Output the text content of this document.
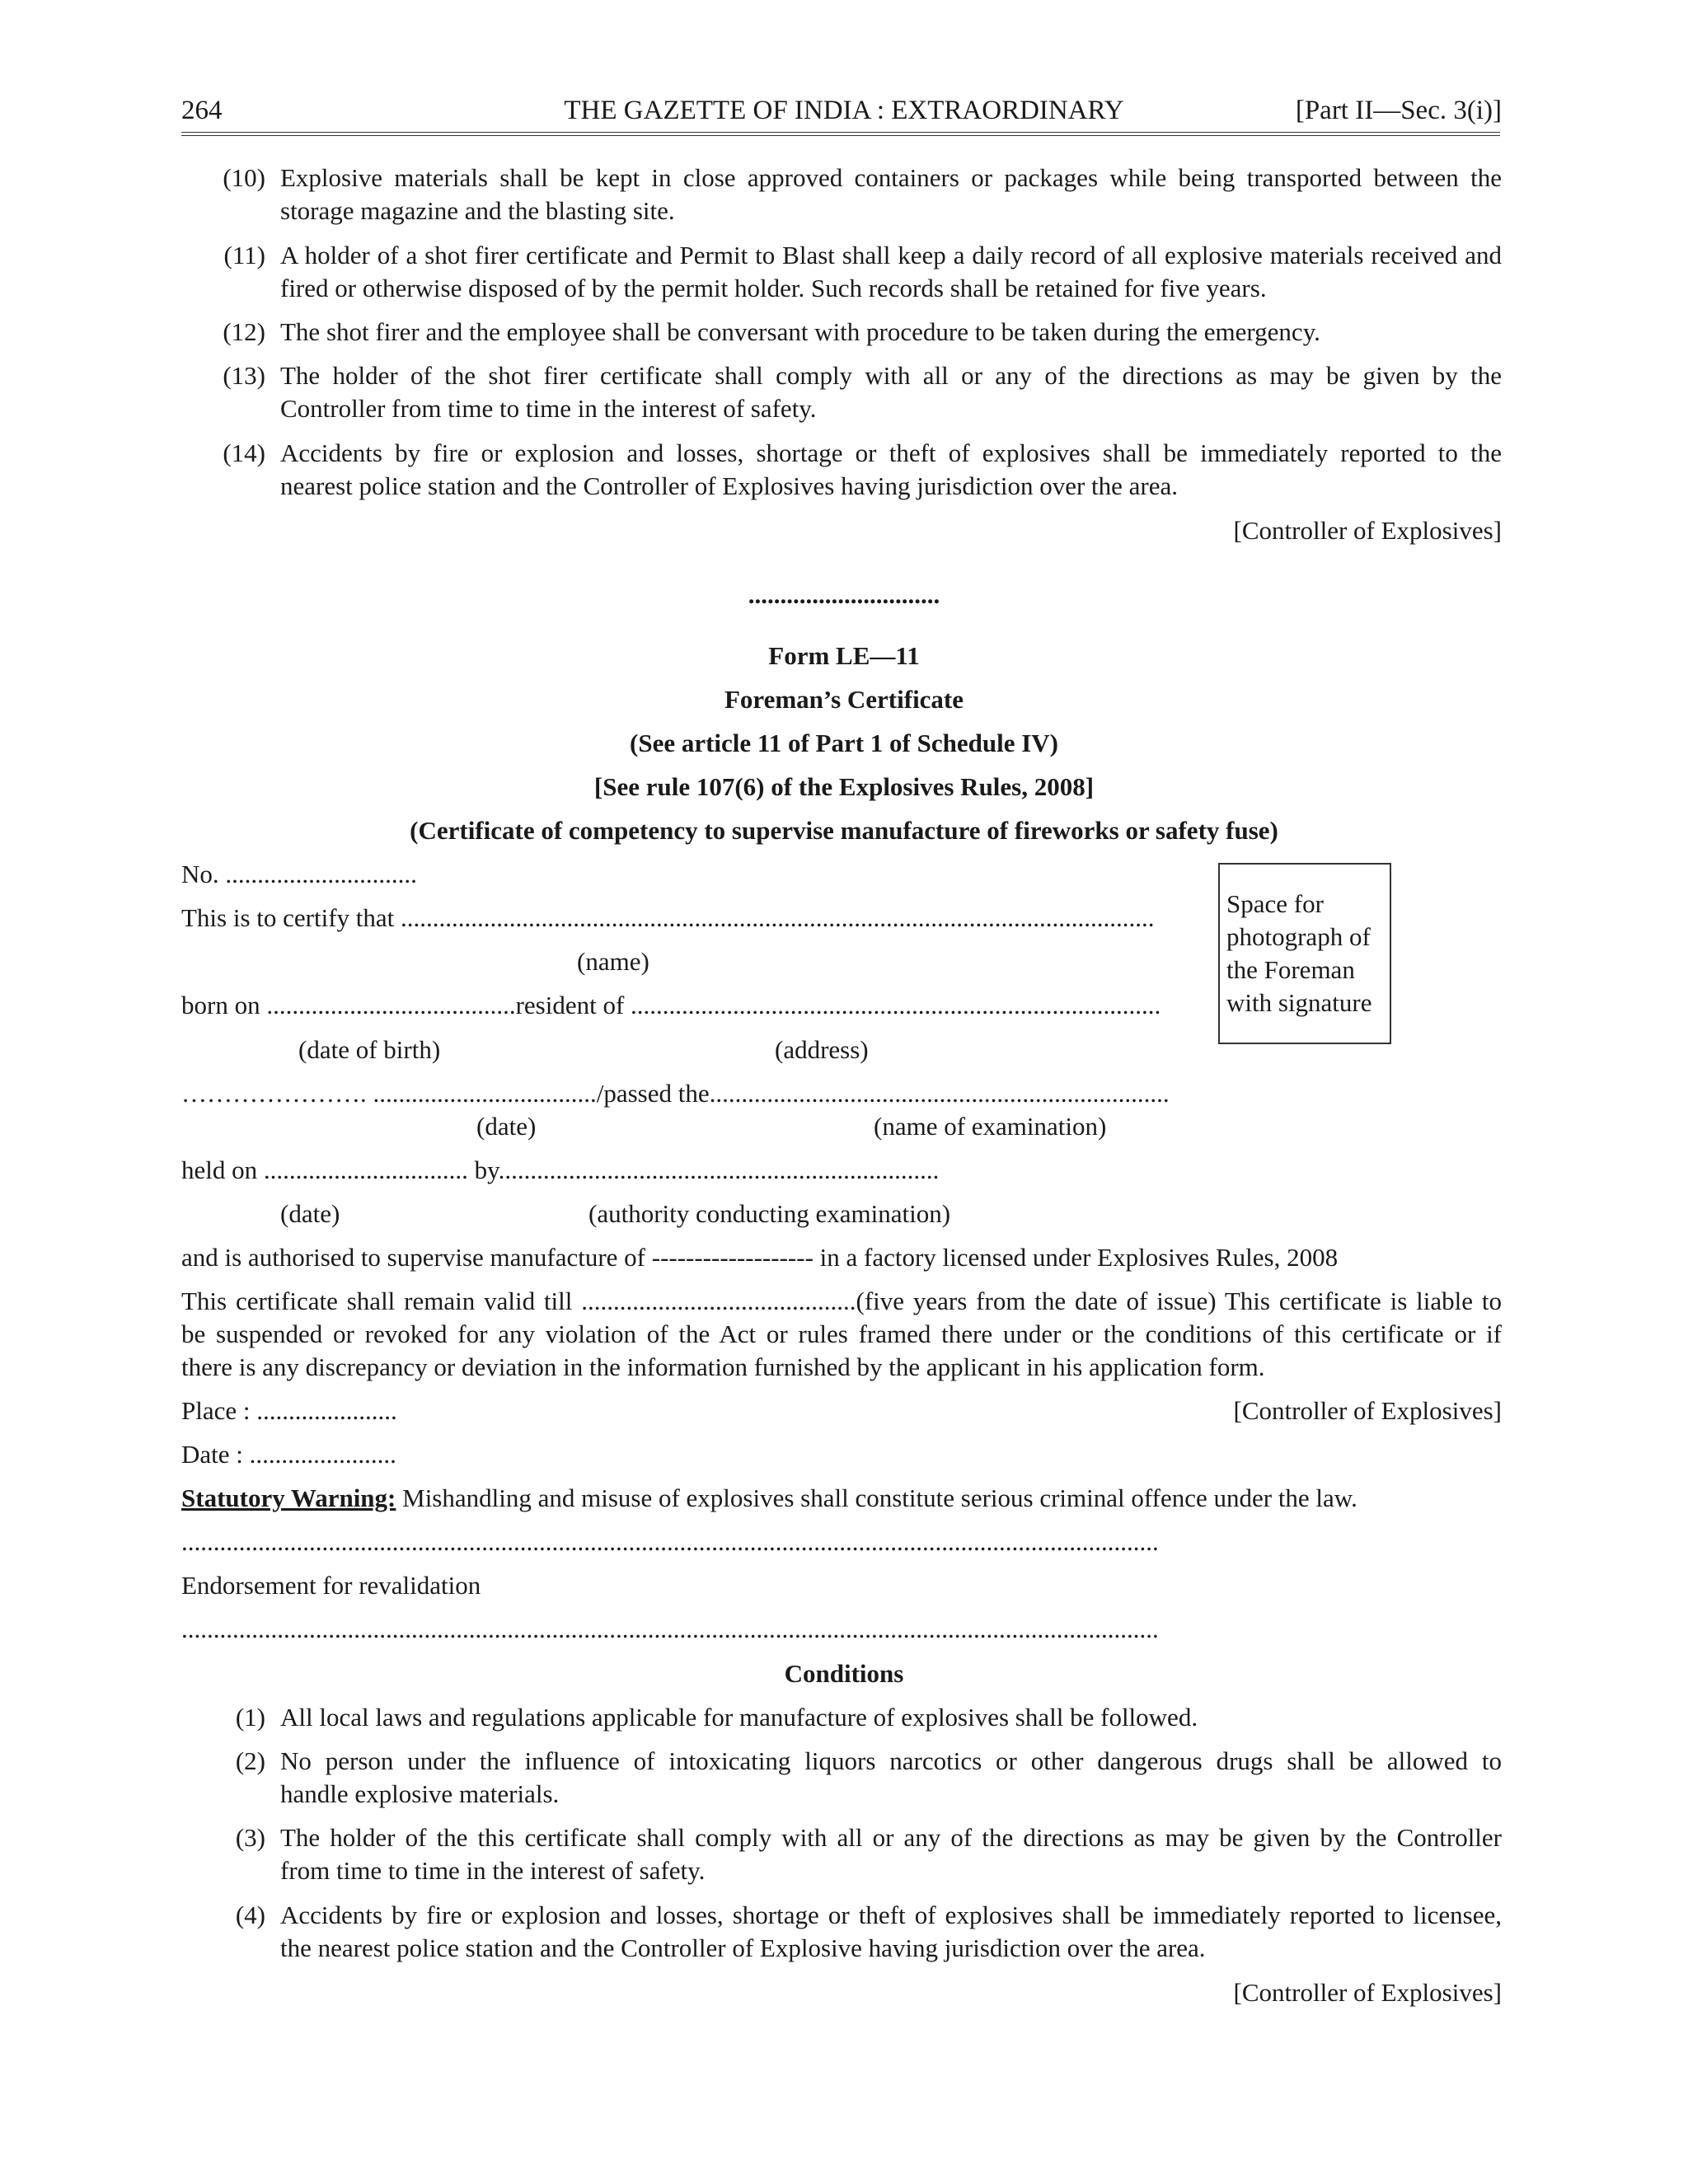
264	THE GAZETTE OF INDIA : EXTRAORDINARY	[Part II—Sec. 3(i)]
(10) Explosive materials shall be kept in close approved containers or packages while being transported between the
storage magazine and the blasting site.
(11) A holder of a shot firer certificate and Permit to Blast shall keep a daily record of all explosive materials received and
fired or otherwise disposed of by the permit holder. Such records shall be retained for five years.
(12) The shot firer and the employee shall be conversant with procedure to be taken during the emergency.
(13) The holder of the shot firer certificate shall comply with all or any of the directions as may be given by the
Controller from time to time in the interest of safety.
(14) Accidents by fire or explosion and losses, shortage or theft of explosives shall be immediately reported to the
nearest police station and the Controller of Explosives having jurisdiction over the area.
[Controller of Explosives]
..............................
Form LE—11
Foreman’s Certificate
(See article 11 of Part 1 of Schedule IV)
[See rule 107(6) of the Explosives Rules, 2008]
(Certificate of competency to supervise manufacture of fireworks or safety fuse)
Space for photograph of the Foreman with signature
No. ..............................
This is to certify that ......................................................................................................................
(name)
born on .......................................resident of ...................................................................................
(date of birth)	(address)
…………………. .................................../passed the........................................................................
(date)	(name of examination)
held on ................................ by.....................................................................
(date)	(authority conducting examination)
and is authorised to supervise manufacture of ------------------- in a factory licensed under Explosives Rules, 2008
This certificate shall remain valid till ...........................................(five years from the date of issue) This certificate is liable to
be suspended or revoked for any violation of the Act or rules framed there under or the conditions of this certificate or if
there is any discrepancy or deviation in the information furnished by the applicant in his application form.
Place : ......................	[Controller of Explosives]
Date : .......................
Statutory Warning: Mishandling and misuse of explosives shall constitute serious criminal offence under the law.
.........................................................................................................................................................
Endorsement for revalidation
.........................................................................................................................................................
Conditions
(1) All local laws and regulations applicable for manufacture of explosives shall be followed.
(2) No person under the influence of intoxicating liquors narcotics or other dangerous drugs shall be allowed to
handle explosive materials.
(3) The holder of the this certificate shall comply with all or any of the directions as may be given by the Controller
from time to time in the interest of safety.
(4) Accidents by fire or explosion and losses, shortage or theft of explosives shall be immediately reported to licensee,
the nearest police station and the Controller of Explosive having jurisdiction over the area.
[Controller of Explosives]
